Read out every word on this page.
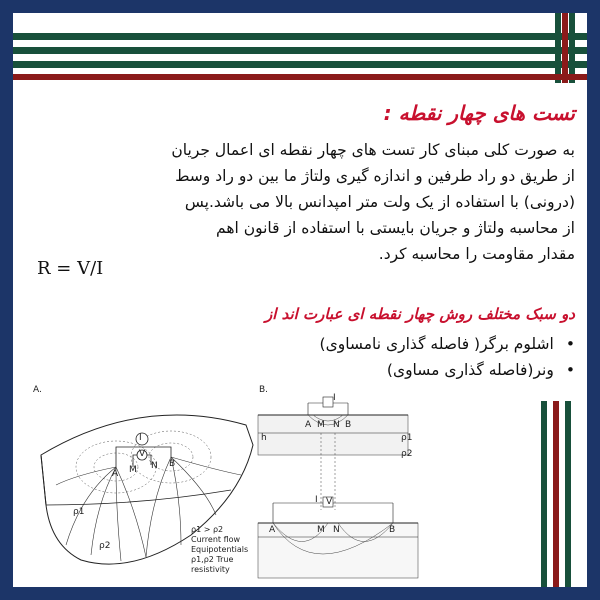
تست های چهار نقطه :
به صورت کلی مبنای کار تست های چهار نقطه ای اعمال جریان
از طریق دو راد طرفین و اندازه گیری ولتاژ ما بین دو راد وسط
(درونی) با استفاده از یک ولت متر امپدانس بالا می باشد.پس
از محاسبه ولتاژ و جریان بایستی با استفاده از قانون اهم
مقدار مقاومت را محاسبه کرد.
R = V/I
دو سبک مختلف روش چهار نقطه ای عبارت اند از
•اشلوم برگر( فاصله گذاری نامساوی)
•ونر(فاصله گذاری مساوی)
A.
I
V
A M N B
ρ1
ρ2
ρ1 > ρ2
Current flow
Equipotentials
ρ1,ρ2 True resistivity
B.
I
A M N B
h	ρ1
ρ2
I V
A	M N	B
